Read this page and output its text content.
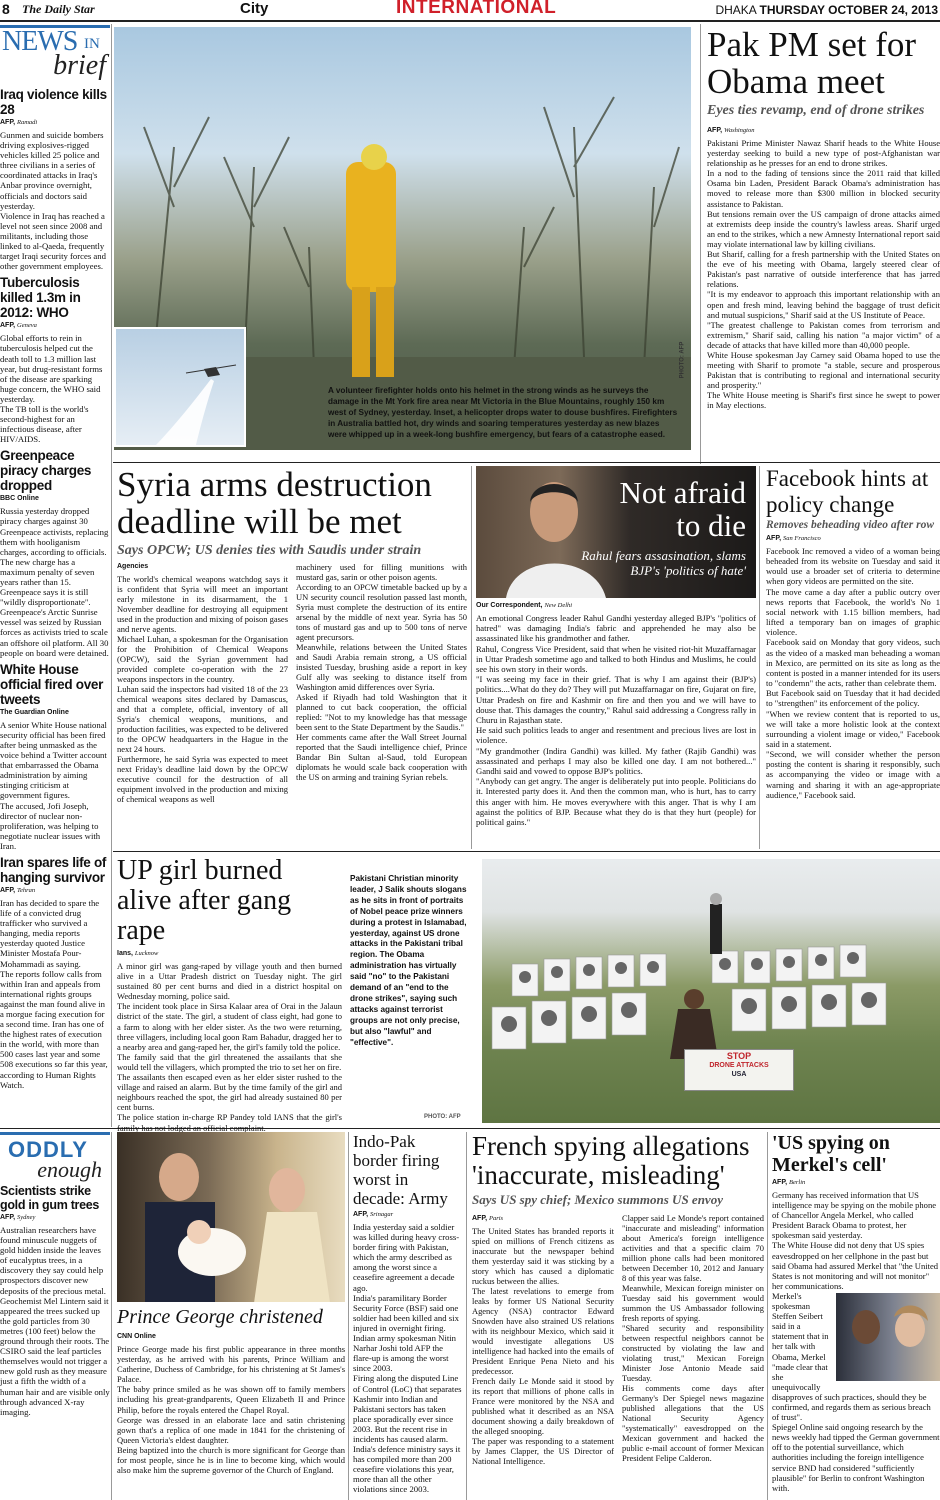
8 The Daily Star	City	INTERNATIONAL	DHAKA THURSDAY OCTOBER 24, 2013
NEWS IN
brief
Iraq violence kills 28
AFP, Ramadi
Gunmen and suicide bombers driving explosives-rigged vehicles killed 25 police and three civilians in a series of coordinated attacks in Iraq's Anbar province overnight, officials and doctors said yesterday.
Violence in Iraq has reached a level not seen since 2008 and militants, including those linked to al-Qaeda, frequently target Iraqi security forces and other government employees.
Tuberculosis killed 1.3m in 2012: WHO
AFP, Geneva
Global efforts to rein in tuberculosis helped cut the death toll to 1.3 million last year, but drug-resistant forms of the disease are sparking huge concern, the WHO said yesterday.
The TB toll is the world's second-highest for an infectious disease, after HIV/AIDS.
Greenpeace piracy charges dropped
BBC Online
Russia yesterday dropped piracy charges against 30 Greenpeace activists, replacing them with hooliganism charges, according to officials.
The new charge has a maximum penalty of seven years rather than 15.
Greenpeace says it is still "wildly disproportionate".
Greenpeace's Arctic Sunrise vessel was seized by Russian forces as activists tried to scale an offshore oil platform. All 30 people on board were detained.
White House official fired over tweets
The Guardian Online
A senior White House national security official has been fired after being unmasked as the voice behind a Twitter account that embarrassed the Obama administration by aiming stinging criticism at government figures.
The accused, Jofi Joseph, director of nuclear non-proliferation, was helping to negotiate nuclear issues with Iran.
Iran spares life of hanging survivor
AFP, Tehran
Iran has decided to spare the life of a convicted drug trafficker who survived a hanging, media reports yesterday quoted Justice Minister Mostafa Pour-Mohammadi as saying.
The reports follow calls from within Iran and appeals from international rights groups against the man found alive in a morgue facing execution for a second time. Iran has one of the highest rates of execution in the world, with more than 500 cases last year and some 508 executions so far this year, according to Human Rights Watch.
A volunteer firefighter holds onto his helmet in the strong winds as he surveys the damage in the Mt York fire area near Mt Victoria in the Blue Mountains, roughly 150 km west of Sydney, yesterday. Inset, a helicopter drops water to douse bushfires. Firefighters in Australia battled hot, dry winds and soaring temperatures yesterday as new blazes were whipped up in a week-long bushfire emergency, but fears of a catastrophe eased.
PHOTO: AFP
Pak PM set for Obama meet
Eyes ties revamp, end of drone strikes
AFP, Washington
Pakistani Prime Minister Nawaz Sharif heads to the White House yesterday seeking to build a new type of post-Afghanistan war relationship as he presses for an end to drone strikes.
In a nod to the fading of tensions since the 2011 raid that killed Osama bin Laden, President Barack Obama's administration has moved to release more than $300 million in blocked security assistance to Pakistan.
But tensions remain over the US campaign of drone attacks aimed at extremists deep inside the country's lawless areas. Sharif urged an end to the strikes, which a new Amnesty International report said may violate international law by killing civilians.
But Sharif, calling for a fresh partnership with the United States on the eve of his meeting with Obama, largely steered clear of Pakistan's past narrative of outside interference that has jarred relations.
"It is my endeavor to approach this important relationship with an open and fresh mind, leaving behind the baggage of trust deficit and mutual suspicions," Sharif said at the US Institute of Peace.
"The greatest challenge to Pakistan comes from terrorism and extremism," Sharif said, calling his nation "a major victim" of a decade of attacks that have killed more than 40,000 people.
White House spokesman Jay Carney said Obama hoped to use the meeting with Sharif to promote "a stable, secure and prosperous Pakistan that is contributing to regional and international security and prosperity."
The White House meeting is Sharif's first since he swept to power in May elections.
Syria arms destruction deadline will be met
Says OPCW; US denies ties with Saudis under strain
Agencies
The world's chemical weapons watchdog says it is confident that Syria will meet an important early milestone in its disarmament, the 1 November deadline for destroying all equipment used in the production and mixing of poison gases and nerve agents.
Michael Luhan, a spokesman for the Organisation for the Prohibition of Chemical Weapons (OPCW), said the Syrian government had provided complete co-operation with the 27 weapons inspectors in the country.
Luhan said the inspectors had visited 18 of the 23 chemical weapons sites declared by Damascus, and that a complete, official, inventory of all Syria's chemical weapons, munitions, and production facilities, was expected to be delivered to the OPCW headquarters in the Hague in the next 24 hours.
Furthermore, he said Syria was expected to meet next Friday's deadline laid down by the OPCW executive council for the destruction of all equipment involved in the production and mixing of chemical weapons as well
machinery used for filling munitions with mustard gas, sarin or other poison agents.
According to an OPCW timetable backed up by a UN security council resolution passed last month, Syria must complete the destruction of its entire arsenal by the middle of next year. Syria has 50 tons of mustard gas and up to 500 tons of nerve agent precursors.
Meanwhile, relations between the United States and Saudi Arabia remain strong, a US official insisted Tuesday, brushing aside a report in key Gulf ally was seeking to distance itself from Washington amid differences over Syria.
Asked if Riyadh had told Washington that it planned to cut back cooperation, the official replied: "Not to my knowledge has that message been sent to the State Department by the Saudis."
Her comments came after the Wall Street Journal reported that the Saudi intelligence chief, Prince Bandar Bin Sultan al-Saud, told European diplomats he would scale back cooperation with the US on arming and training Syrian rebels.
Not afraid to die
Rahul fears assasination, slams BJP's 'politics of hate'
Our Correspondent, New Delhi
An emotional Congress leader Rahul Gandhi yesterday alleged BJP's "politics of hatred" was damaging India's fabric and apprehended he may also be assassinated like his grandmother and father.
Rahul, Congress Vice President, said that when he visited riot-hit Muzaffarnagar in Uttar Pradesh sometime ago and talked to both Hindus and Muslims, he could see his own story in their words.
"I was seeing my face in their grief. That is why I am against their (BJP's) politics....What do they do? They will put Muzaffarnagar on fire, Gujarat on fire, Uttar Pradesh on fire and Kashmir on fire and then you and we will have to douse that. This damages the country," Rahul said addressing a Congress rally in Churu in Rajasthan state.
He said such politics leads to anger and resentment and precious lives are lost in violence.
"My grandmother (Indira Gandhi) was killed. My father (Rajib Gandhi) was assassinated and perhaps I may also be killed one day. I am not bothered..." Gandhi said and vowed to oppose BJP's politics.
"Anybody can get angry. The anger is deliberately put into people. Politicians do it. Interested party does it. And then the common man, who is hurt, has to carry this anger with him. He moves everywhere with this anger. That is why I am against the politics of BJP. Because what they do is that they hurt (people) for political gains."
Facebook hints at policy change
Removes beheading video after row
AFP, San Francisco
Facebook Inc removed a video of a woman being beheaded from its website on Tuesday and said it would use a broader set of criteria to determine when gory videos are permitted on the site.
The move came a day after a public outcry over news reports that Facebook, the world's No 1 social network with 1.15 billion members, had lifted a temporary ban on images of graphic violence.
Facebook said on Monday that gory videos, such as the video of a masked man beheading a woman in Mexico, are permitted on its site as long as the content is posted in a manner intended for its users to "condemn" the acts, rather than celebrate them.
But Facebook said on Tuesday that it had decided to "strengthen" its enforcement of the policy.
"When we review content that is reported to us, we will take a more holistic look at the context surrounding a violent image or video," Facebook said in a statement.
"Second, we will consider whether the person posting the content is sharing it responsibly, such as accompanying the video or image with a warning and sharing it with an age-appropriate audience," Facebook said.
UP girl burned alive after gang rape
Ians, Lucknow
A minor girl was gang-raped by village youth and then burned alive in a Uttar Pradesh district on Tuesday night. The girl sustained 80 per cent burns and died in a district hospital on Wednesday morning, police said.
The incident took place in Sirsa Kalaar area of Orai in the Jalaun district of the state. The girl, a student of class eight, had gone to a farm to along with her elder sister. As the two were returning, three villagers, including local goon Ram Bahadur, dragged her to a nearby area and gang-raped her, the girl's family told the police.
The family said that the girl threatened the assailants that she would tell the villagers, which prompted the trio to set her on fire.
The assailants then escaped even as her elder sister rushed to the village and raised an alarm. But by the time family of the girl and neighbours reached the spot, the girl had already sustained 80 per cent burns.
The police station in-charge RP Pandey told IANS that the girl's family has not lodged an official complaint.
Pakistani Christian minority leader, J Salik shouts slogans as he sits in front of portraits of Nobel peace prize winners during a protest in Islamabad, yesterday, against US drone attacks in the Pakistani tribal region. The Obama administration has virtually said "no" to the Pakistani demand of an "end to the drone strikes", saying such attacks against terrorist groups are not only precise, but also "lawful" and "effective".
PHOTO: AFP
STOP
DRONE ATTACKS
USA
ODDLY
enough
Scientists strike gold in gum trees
AFP, Sydney
Australian researchers have found minuscule nuggets of gold hidden inside the leaves of eucalyptus trees, in a discovery they say could help prospectors discover new deposits of the precious metal.
Geochemist Mel Lintern said it appeared the trees sucked up the gold particles from 30 metres (100 feet) below the ground through their roots. The CSIRO said the leaf particles themselves would not trigger a new gold rush as they measure just a fifth the width of a human hair and are visible only through advanced X-ray imaging.
Prince George christened
CNN Online
Prince George made his first public appearance in three months yesterday, as he arrived with his parents, Prince William and Catherine, Duchess of Cambridge, for his christening at St James's Palace.
The baby prince smiled as he was shown off to family members including his great-grandparents, Queen Elizabeth II and Prince Philip, before the royals entered the Chapel Royal.
George was dressed in an elaborate lace and satin christening gown that's a replica of one made in 1841 for the christening of Queen Victoria's eldest daughter.
Being baptized into the church is more significant for George than for most people, since he is in line to become king, which would also make him the supreme governor of the Church of England.
Indo-Pak border firing worst in decade: Army
AFP, Srinagar
India yesterday said a soldier was killed during heavy cross-border firing with Pakistan, which the army described as among the worst since a ceasefire agreement a decade ago.
India's paramilitary Border Security Force (BSF) said one soldier had been killed and six injured in overnight firing.
Indian army spokesman Nitin Narhar Joshi told AFP the flare-up is among the worst since 2003.
Firing along the disputed Line of Control (LoC) that separates Kashmir into Indian and Pakistani sectors has taken place sporadically ever since 2003. But the recent rise in incidents has caused alarm. India's defence ministry says it has compiled more than 200 ceasefire violations this year, more than all the other violations since 2003.
French spying allegations 'inaccurate, misleading'
Says US spy chief; Mexico summons US envoy
AFP, Paris
The United States has branded reports it spied on millions of French citizens as inaccurate but the newspaper behind them yesterday said it was sticking by a story which has caused a diplomatic ruckus between the allies.
The latest revelations to emerge from leaks by former US National Security Agency (NSA) contractor Edward Snowden have also strained US relations with its neighbour Mexico, which said it would investigate allegations US intelligence had hacked into the emails of President Enrique Pena Nieto and his predecessor.
French daily Le Monde said it stood by its report that millions of phone calls in France were monitored by the NSA and published what it described as an NSA document showing a daily breakdown of the alleged snooping.
The paper was responding to a statement by James Clapper, the US Director of National Intelligence.
Clapper said Le Monde's report contained "inaccurate and misleading" information about America's foreign intelligence activities and that a specific claim 70 million phone calls had been monitored between December 10, 2012 and January 8 of this year was false.
Meanwhile, Mexican foreign minister on Tuesday said his government would summon the US Ambassador following fresh reports of spying.
"Shared security and responsibility between respectful neighbors cannot be constructed by violating the law and violating trust," Mexican Foreign Minister Jose Antonio Meade said Tuesday.
His comments come days after Germany's Der Spiegel news magazine published allegations that the US National Security Agency "systematically" eavesdropped on the Mexican government and hacked the public e-mail account of former Mexican President Felipe Calderon.
'US spying on Merkel's cell'
AFP, Berlin
Germany has received information that US intelligence may be spying on the mobile phone of Chancellor Angela Merkel, who called President Barack Obama to protest, her spokesman said yesterday.
The White House did not deny that US spies eavesdropped on her cellphone in the past but said Obama had assured Merkel that "the United States is not monitoring and will not monitor" her communications.
Merkel's spokesman Steffen Seibert said in a statement that in her talk with Obama, Merkel "made clear that she unequivocally disapproves of such practices, should they be confirmed, and regards them as serious breach of trust".
Spiegel Online said ongoing research by the news weekly had tipped the German government off to the potential surveillance, which authorities including the foreign intelligence service BND had considered "sufficiently plausible" for Berlin to confront Washington with.
